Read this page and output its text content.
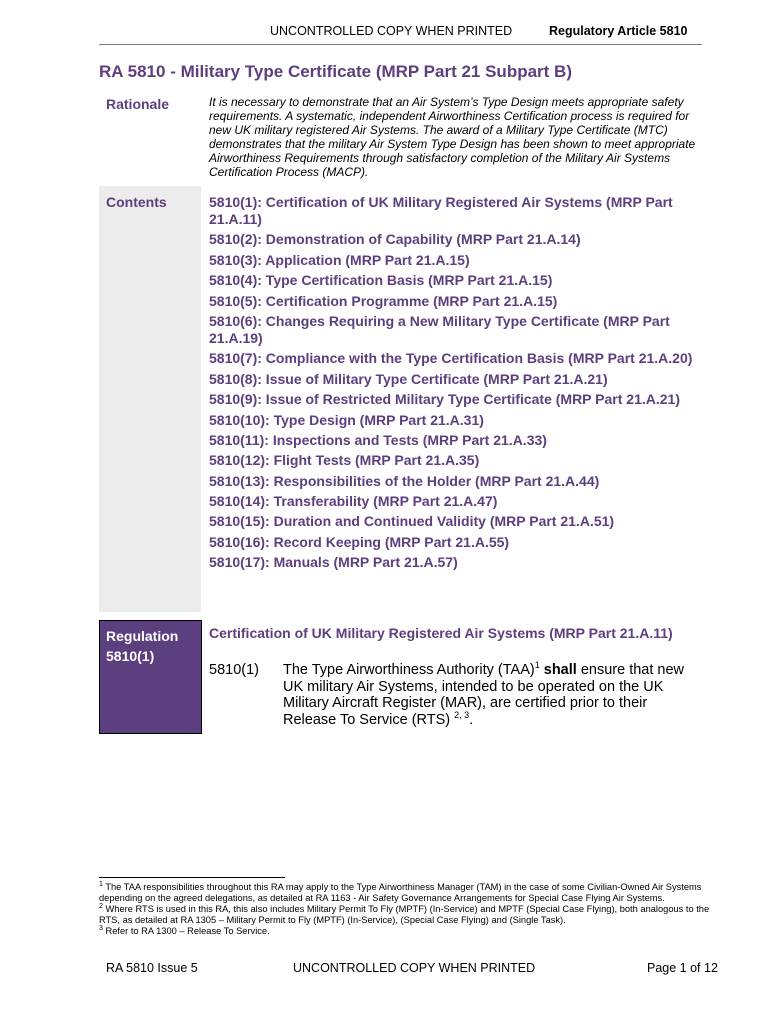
UNCONTROLLED COPY WHEN PRINTED	Regulatory Article 5810
RA 5810 - Military Type Certificate (MRP Part 21 Subpart B)
Rationale	It is necessary to demonstrate that an Air System’s Type Design meets appropriate safety requirements. A systematic, independent Airworthiness Certification process is required for new UK military registered Air Systems. The award of a Military Type Certificate (MTC) demonstrates that the military Air System Type Design has been shown to meet appropriate Airworthiness Requirements through satisfactory completion of the Military Air Systems Certification Process (MACP).
Contents	5810(1): Certification of UK Military Registered Air Systems (MRP Part 21.A.11)
5810(2): Demonstration of Capability (MRP Part 21.A.14)
5810(3): Application (MRP Part 21.A.15)
5810(4): Type Certification Basis (MRP Part 21.A.15)
5810(5): Certification Programme (MRP Part 21.A.15)
5810(6): Changes Requiring a New Military Type Certificate (MRP Part 21.A.19)
5810(7): Compliance with the Type Certification Basis (MRP Part 21.A.20)
5810(8): Issue of Military Type Certificate (MRP Part 21.A.21)
5810(9): Issue of Restricted Military Type Certificate (MRP Part 21.A.21)
5810(10): Type Design (MRP Part 21.A.31)
5810(11): Inspections and Tests (MRP Part 21.A.33)
5810(12): Flight Tests (MRP Part 21.A.35)
5810(13): Responsibilities of the Holder (MRP Part 21.A.44)
5810(14): Transferability (MRP Part 21.A.47)
5810(15): Duration and Continued Validity (MRP Part 21.A.51)
5810(16): Record Keeping (MRP Part 21.A.55)
5810(17): Manuals (MRP Part 21.A.57)
Regulation
5810(1)
Certification of UK Military Registered Air Systems (MRP Part 21.A.11)
5810(1) The Type Airworthiness Authority (TAA)$^1$ shall ensure that new UK military Air Systems, intended to be operated on the UK Military Aircraft Register (MAR), are certified prior to their Release To Service (RTS) $^{2, 3}$.

$^1$ The TAA responsibilities throughout this RA may apply to the Type Airworthiness Manager (TAM) in the case of some Civilian-Owned Air Systems depending on the agreed delegations, as detailed at RA 1163 - Air Safety Governance Arrangements for Special Case Flying Air Systems.

$^2$ Where RTS is used in this RA, this also includes Military Permit To Fly (MPTF) (In-Service) and MPTF (Special Case Flying), both analogous to the RTS, as detailed at RA 1305 – Military Permit to Fly (MPTF) (In-Service), (Special Case Flying) and (Single Task).

$^3$ Refer to RA 1300 – Release To Service.

RA 5810 Issue 5	UNCONTROLLED COPY WHEN PRINTED	Page 1 of 12
